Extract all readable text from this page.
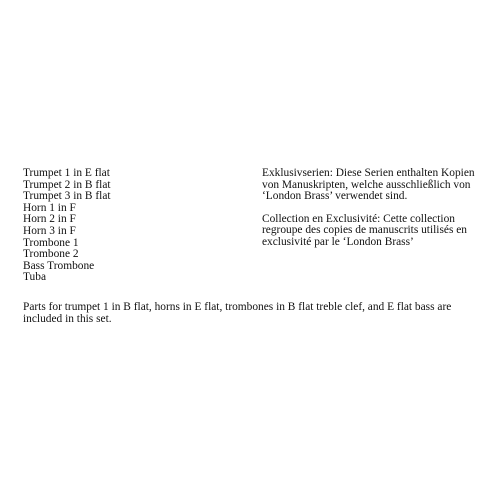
Trumpet 1 in E flat
Trumpet 2 in B flat
Trumpet 3 in B flat
Horn 1 in F
Horn 2 in F
Horn 3 in F
Trombone 1
Trombone 2
Bass Trombone
Tuba

Exklusivserien: Diese Serien enthalten Kopien von Manuskripten, welche ausschließlich von ‘London Brass’ verwendet sind.

Collection en Exclusivité: Cette collection regroupe des copies de manuscrits utilisés en exclusivité par le ‘London Brass’

Parts for trumpet 1 in B flat, horns in E flat, trombones in B flat treble clef, and E flat bass are included in this set.
